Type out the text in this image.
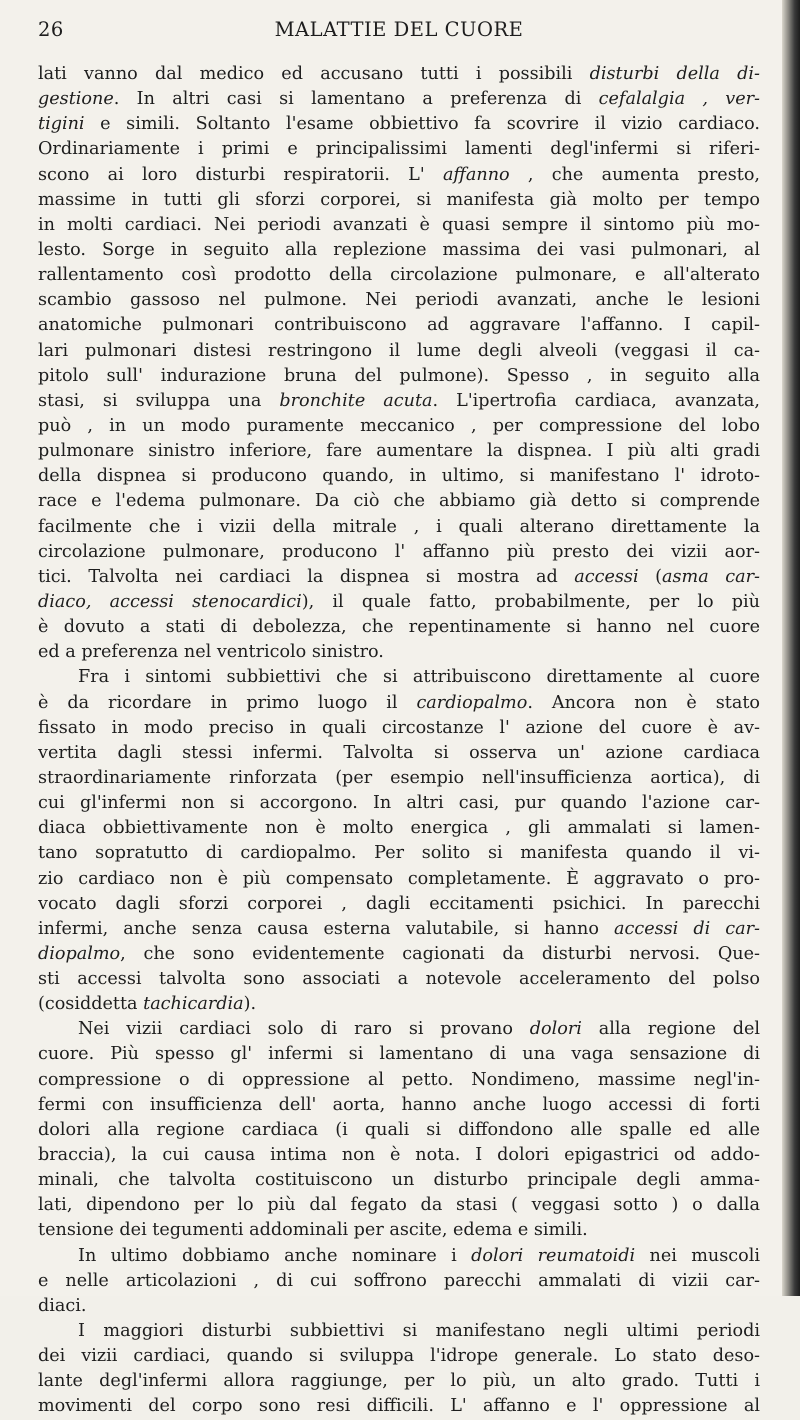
26	MALATTIE DEL CUORE
lati vanno dal medico ed accusano tutti i possibili disturbi della di-
gestione. In altri casi si lamentano a preferenza di cefalalgia , ver-
tigini e simili. Soltanto l'esame obbiettivo fa scovrire il vizio cardiaco.
Ordinariamente i primi e principalissimi lamenti degl'infermi si riferi-
scono ai loro disturbi respiratorii. L' affanno , che aumenta presto,
massime in tutti gli sforzi corporei, si manifesta già molto per tempo
in molti cardiaci. Nei periodi avanzati è quasi sempre il sintomo più mo-
lesto. Sorge in seguito alla replezione massima dei vasi pulmonari, al
rallentamento così prodotto della circolazione pulmonare, e all'alterato
scambio gassoso nel pulmone. Nei periodi avanzati, anche le lesioni
anatomiche pulmonari contribuiscono ad aggravare l'affanno. I capil-
lari pulmonari distesi restringono il lume degli alveoli (veggasi il ca-
pitolo sull' indurazione bruna del pulmone). Spesso , in seguito alla
stasi, si sviluppa una bronchite acuta. L'ipertrofia cardiaca, avanzata,
può , in un modo puramente meccanico , per compressione del lobo
pulmonare sinistro inferiore, fare aumentare la dispnea. I più alti gradi
della dispnea si producono quando, in ultimo, si manifestano l' idroto-
race e l'edema pulmonare. Da ciò che abbiamo già detto si comprende
facilmente che i vizii della mitrale , i quali alterano direttamente la
circolazione pulmonare, producono l' affanno più presto dei vizii aor-
tici. Talvolta nei cardiaci la dispnea si mostra ad accessi (asma car-
diaco, accessi stenocardici), il quale fatto, probabilmente, per lo più
è dovuto a stati di debolezza, che repentinamente si hanno nel cuore
ed a preferenza nel ventricolo sinistro.
Fra i sintomi subbiettivi che si attribuiscono direttamente al cuore
è da ricordare in primo luogo il cardiopalmo. Ancora non è stato
fissato in modo preciso in quali circostanze l' azione del cuore è av-
vertita dagli stessi infermi. Talvolta si osserva un' azione cardiaca
straordinariamente rinforzata (per esempio nell'insufficienza aortica), di
cui gl'infermi non si accorgono. In altri casi, pur quando l'azione car-
diaca obbiettivamente non è molto energica , gli ammalati si lamen-
tano sopratutto di cardiopalmo. Per solito si manifesta quando il vi-
zio cardiaco non è più compensato completamente. È aggravato o pro-
vocato dagli sforzi corporei , dagli eccitamenti psichici. In parecchi
infermi, anche senza causa esterna valutabile, si hanno accessi di car-
diopalmo, che sono evidentemente cagionati da disturbi nervosi. Que-
sti accessi talvolta sono associati a notevole acceleramento del polso
(cosiddetta tachicardia).
Nei vizii cardiaci solo di raro si provano dolori alla regione del
cuore. Più spesso gl' infermi si lamentano di una vaga sensazione di
compressione o di oppressione al petto. Nondimeno, massime negl'in-
fermi con insufficienza dell' aorta, hanno anche luogo accessi di forti
dolori alla regione cardiaca (i quali si diffondono alle spalle ed alle
braccia), la cui causa intima non è nota. I dolori epigastrici od addo-
minali, che talvolta costituiscono un disturbo principale degli amma-
lati, dipendono per lo più dal fegato da stasi ( veggasi sotto ) o dalla
tensione dei tegumenti addominali per ascite, edema e simili.
In ultimo dobbiamo anche nominare i dolori reumatoidi nei muscoli
e nelle articolazioni , di cui soffrono parecchi ammalati di vizii car-
diaci.
I maggiori disturbi subbiettivi si manifestano negli ultimi periodi
dei vizii cardiaci, quando si sviluppa l'idrope generale. Lo stato deso-
lante degl'infermi allora raggiunge, per lo più, un alto grado. Tutti i
movimenti del corpo sono resi difficili. L' affanno e l' oppressione al
